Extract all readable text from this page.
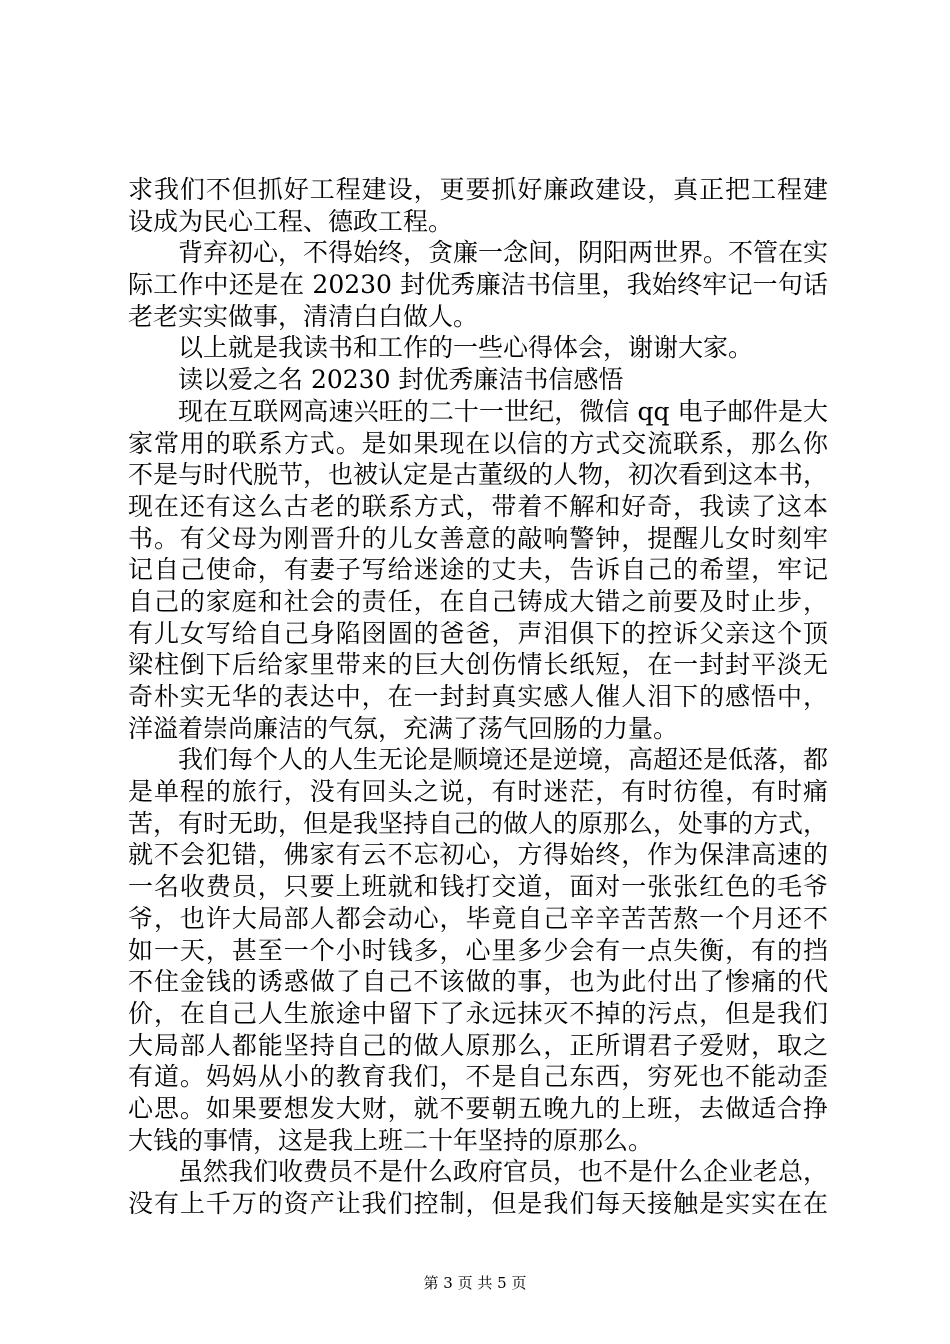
求我们不但抓好工程建设，更要抓好廉政建设，真正把工程建
设成为民心工程、德政工程。
背弃初心，不得始终，贪廉一念间，阴阳两世界。不管在实
际工作中还是在 20230 封优秀廉洁书信里，我始终牢记一句话
老老实实做事，清清白白做人。
以上就是我读书和工作的一些心得体会，谢谢大家。
读以爱之名 20230 封优秀廉洁书信感悟
现在互联网高速兴旺的二十一世纪，微信 qq 电子邮件是大
家常用的联系方式。是如果现在以信的方式交流联系，那么你
不是与时代脱节，也被认定是古董级的人物，初次看到这本书，
现在还有这么古老的联系方式，带着不解和好奇，我读了这本
书。有父母为刚晋升的儿女善意的敲响警钟，提醒儿女时刻牢
记自己使命，有妻子写给迷途的丈夫，告诉自己的希望，牢记
自己的家庭和社会的责任，在自己铸成大错之前要及时止步，
有儿女写给自己身陷囹圄的爸爸，声泪俱下的控诉父亲这个顶
梁柱倒下后给家里带来的巨大创伤情长纸短，在一封封平淡无
奇朴实无华的表达中，在一封封真实感人催人泪下的感悟中，
洋溢着崇尚廉洁的气氛，充满了荡气回肠的力量。
我们每个人的人生无论是顺境还是逆境，高超还是低落，都
是单程的旅行，没有回头之说，有时迷茫，有时彷徨，有时痛
苦，有时无助，但是我坚持自己的做人的原那么，处事的方式，
就不会犯错，佛家有云不忘初心，方得始终，作为保津高速的
一名收费员，只要上班就和钱打交道，面对一张张红色的毛爷
爷，也许大局部人都会动心，毕竟自己辛辛苦苦熬一个月还不
如一天，甚至一个小时钱多，心里多少会有一点失衡，有的挡
不住金钱的诱惑做了自己不该做的事，也为此付出了惨痛的代
价，在自己人生旅途中留下了永远抹灭不掉的污点，但是我们
大局部人都能坚持自己的做人原那么，正所谓君子爱财，取之
有道。妈妈从小的教育我们，不是自己东西，穷死也不能动歪
心思。如果要想发大财，就不要朝五晚九的上班，去做适合挣
大钱的事情，这是我上班二十年坚持的原那么。
虽然我们收费员不是什么政府官员，也不是什么企业老总，
没有上千万的资产让我们控制，但是我们每天接触是实实在在
第 3 页 共 5 页
